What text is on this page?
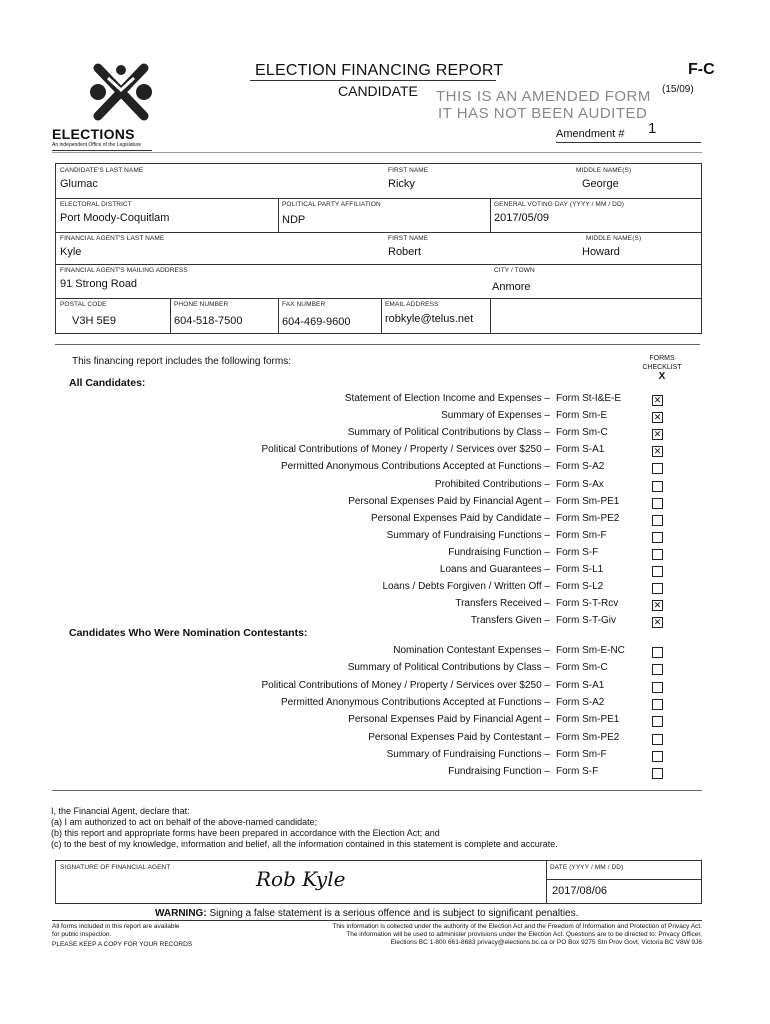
ELECTIONS
An independent Office of the Legislature
ELECTION FINANCING REPORT
CANDIDATE THIS IS AN AMENDED FORM
IT HAS NOT BEEN AUDITED
F-C
(15/09)
Amendment # 1
CANDIDATE'S LAST NAME
Glumac
FIRST NAME
Ricky
MIDDLE NAME(S)
George
ELECTORAL DISTRICT
Port Moody-Coquitlam
POLITICAL PARTY AFFILIATION
NDP
GENERAL VOTING DAY (YYYY / MM / DD)
2017/05/09
FINANCIAL AGENT'S LAST NAME
Kyle
FIRST NAME
Robert
MIDDLE NAME(S)
Howard
FINANCIAL AGENT'S MAILING ADDRESS
91 Strong Road
CITY / TOWN
Anmore
POSTAL CODE
V3H 5E9
PHONE NUMBER
604-518-7500
FAX NUMBER
604-469-9600
EMAIL ADDRESS
robkyle@telus.net
This financing report includes the following forms:	FORMS
CHECKLIST
X
All Candidates:
Statement of Election Income and Expenses – Form St-I&E-E	✕
Summary of Expenses – Form Sm-E	✕
Summary of Political Contributions by Class – Form Sm-C	✕
Political Contributions of Money / Property / Services over $250 – Form S-A1	✕
Permitted Anonymous Contributions Accepted at Functions – Form S-A2
Prohibited Contributions – Form S-Ax
Personal Expenses Paid by Financial Agent – Form Sm-PE1
Personal Expenses Paid by Candidate – Form Sm-PE2
Summary of Fundraising Functions – Form Sm-F
Fundraising Function – Form S-F
Loans and Guarantees – Form S-L1
Loans / Debts Forgiven / Written Off – Form S-L2
Transfers Received – Form S-T-Rcv	✕
Transfers Given – Form S-T-Giv	✕
Candidates Who Were Nomination Contestants:
Nomination Contestant Expenses – Form Sm-E-NC
Summary of Political Contributions by Class – Form Sm-C
Political Contributions of Money / Property / Services over $250 – Form S-A1
Permitted Anonymous Contributions Accepted at Functions – Form S-A2
Personal Expenses Paid by Financial Agent – Form Sm-PE1
Personal Expenses Paid by Contestant – Form Sm-PE2
Summary of Fundraising Functions – Form Sm-F
Fundraising Function – Form S-F
I, the Financial Agent, declare that:
(a) I am authorized to act on behalf of the above-named candidate;
(b) this report and appropriate forms have been prepared in accordance with the Election Act; and
(c) to the best of my knowledge, information and belief, all the information contained in this statement is complete and accurate.
SIGNATURE OF FINANCIAL AGENT	Rob Kyle	DATE (YYYY / MM / DD)
2017/08/06
WARNING: Signing a false statement is a serious offence and is subject to significant penalties.
All forms included in this report are available
for public inspection.
PLEASE KEEP A COPY FOR YOUR RECORDS
This information is collected under the authority of the Election Act and the Freedom of Information and Protection of Privacy Act.
The information will be used to administer provisions under the Election Act. Questions are to be directed to: Privacy Officer,
Elections BC 1-800 661-8683 privacy@elections.bc.ca or PO Box 9275 Stn Prov Govt, Victoria BC V8W 9J6
